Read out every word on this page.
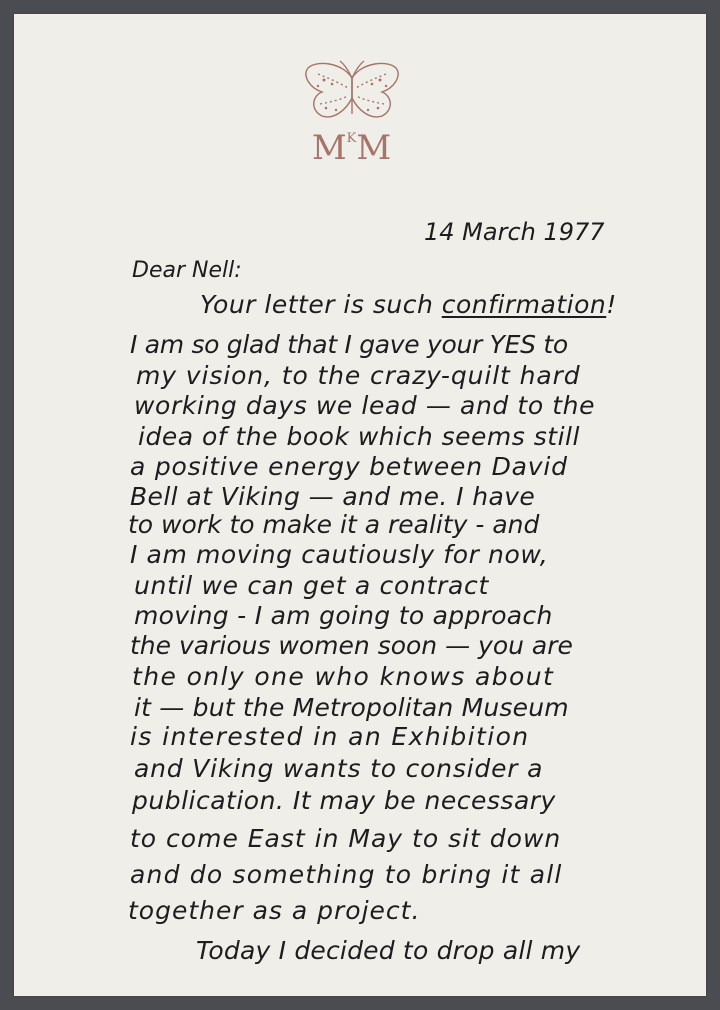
$M^KM$
14 March 1977
Dear Nell:
Your letter is such confirmation!
I am so glad that I gave your YES to
my vision, to the crazy-quilt hard
working days we lead — and to the
idea of the book which seems still
a positive energy between David
Bell at Viking — and me. I have
to work to make it a reality - and
I am moving cautiously for now,
until we can get a contract
moving - I am going to approach
the various women soon — you are
the only one who knows about
it — but the Metropolitan Museum
is interested in an Exhibition
and Viking wants to consider a
publication. It may be necessary
to come East in May to sit down
and do something to bring it all
together as a project.
Today I decided to drop all my
